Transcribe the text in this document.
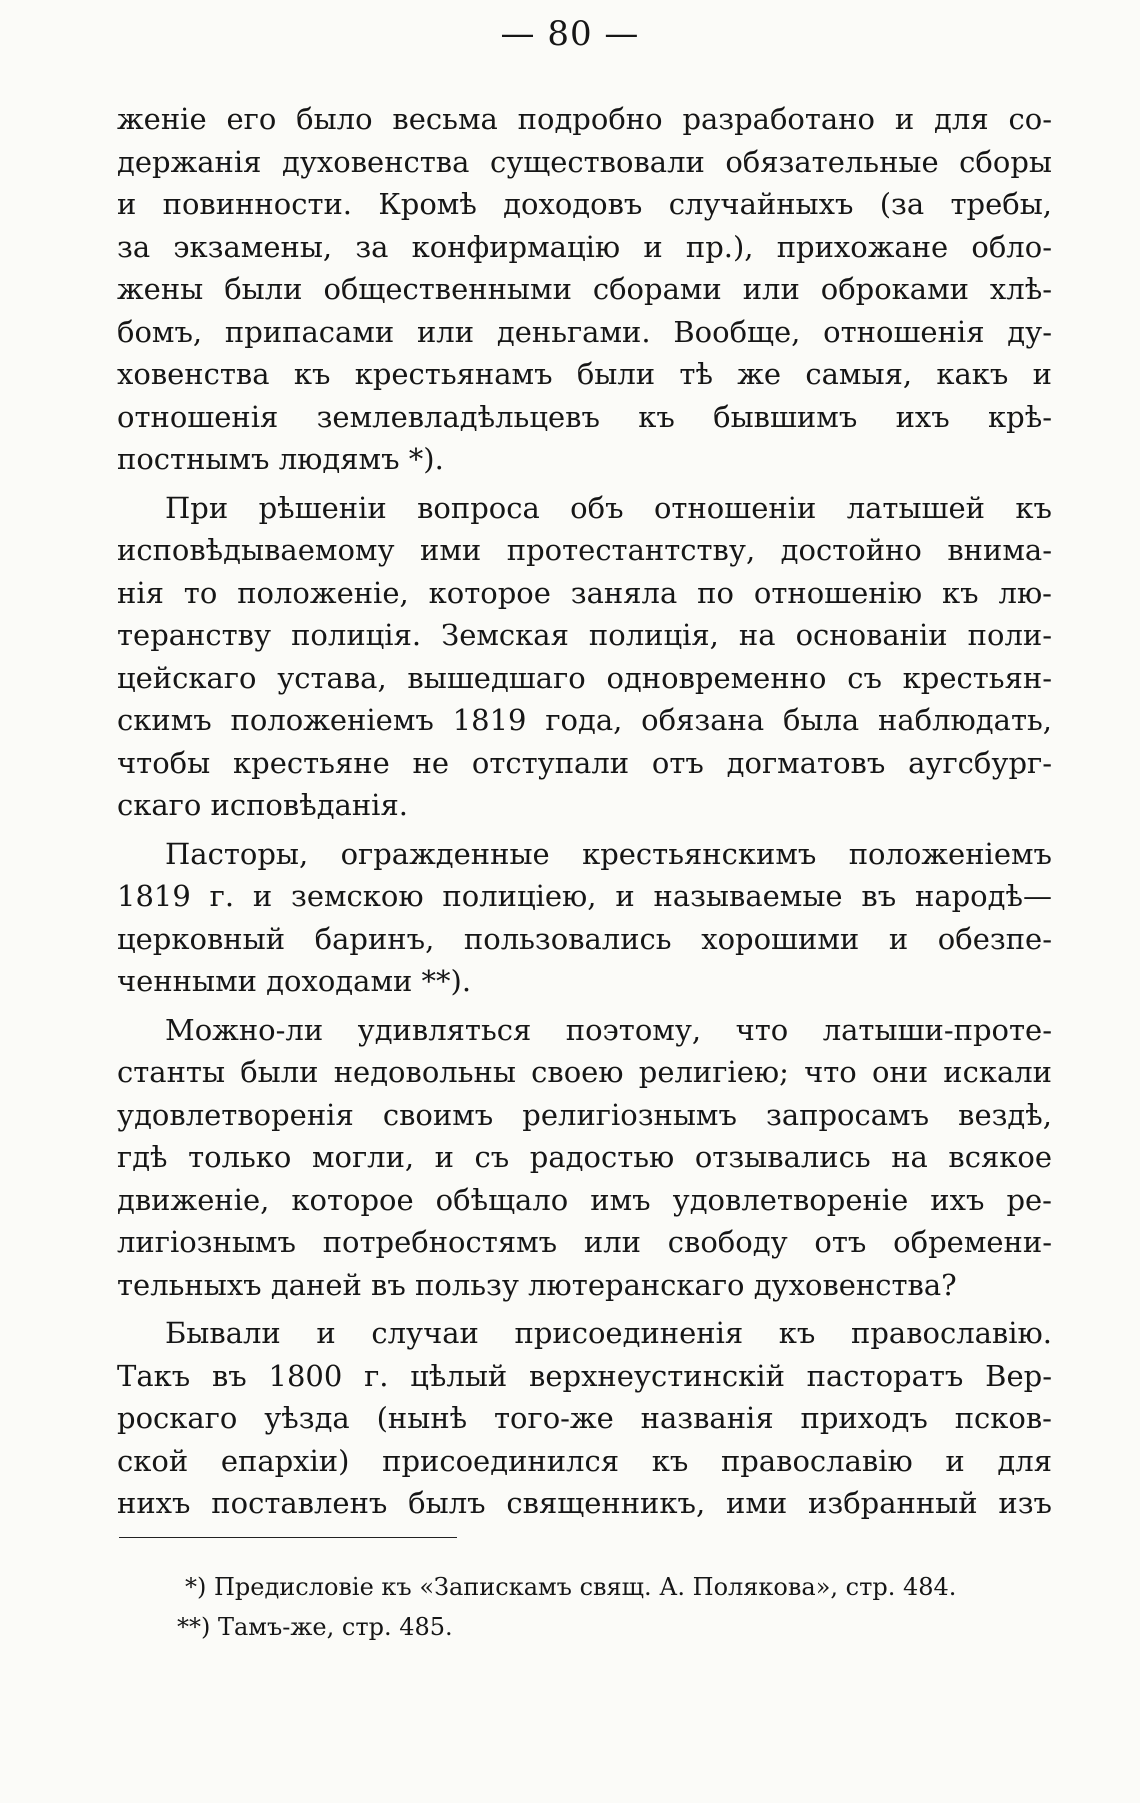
— 80 —
женіе его было весьма подробно разработано и для со-
держанія духовенства существовали обязательные сборы
и повинности. Кромѣ доходовъ случайныхъ (за требы,
за экзамены, за конфирмацію и пр.), прихожане обло-
жены были общественными сборами или оброками хлѣ-
бомъ, припасами или деньгами. Вообще, отношенія ду-
ховенства къ крестьянамъ были тѣ же самыя, какъ и
отношенія землевладѣльцевъ къ бывшимъ ихъ крѣ-
постнымъ людямъ *).
При рѣшеніи вопроса объ отношеніи латышей къ
исповѣдываемому ими протестантству, достойно внима-
нія то положеніе, которое заняла по отношенію къ лю-
теранству полиція. Земская полиція, на основаніи поли-
цейскаго устава, вышедшаго одновременно съ крестьян-
скимъ положеніемъ 1819 года, обязана была наблюдать,
чтобы крестьяне не отступали отъ догматовъ аугсбург-
скаго исповѣданія.
Пасторы, огражденные крестьянскимъ положеніемъ
1819 г. и земскою полиціею, и называемые въ народѣ—
церковный баринъ, пользовались хорошими и обезпе-
ченными доходами **).
Можно-ли удивляться поэтому, что латыши-проте-
станты были недовольны своею религіею; что они искали
удовлетворенія своимъ религіознымъ запросамъ вездѣ,
гдѣ только могли, и съ радостью отзывались на всякое
движеніе, которое обѣщало имъ удовлетвореніе ихъ ре-
лигіознымъ потребностямъ или свободу отъ обремени-
тельныхъ даней въ пользу лютеранскаго духовенства?
Бывали и случаи присоединенія къ православію.
Такъ въ 1800 г. цѣлый верхнеустинскій пасторатъ Вер-
роскаго уѣзда (нынѣ того-же названія приходъ псков-
ской епархіи) присоединился къ православію и для
нихъ поставленъ былъ священникъ, ими избранный изъ
*) Предисловіе къ «Запискамъ свящ. А. Полякова», стр. 484.
**) Тамъ-же, стр. 485.
